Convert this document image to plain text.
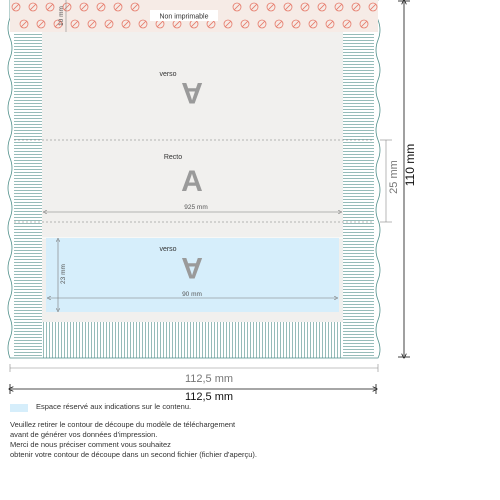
Non imprimable
10 mm
verso
A
Recto
A
verso
A
925 mm
90 mm
23 mm
25 mm 110 mm
112,5 mm
112,5 mm
Espace réservé aux indications sur le contenu.
Veuillez retirer le contour de découpe du modèle de téléchargement
avant de générer vos données d'impression.
Merci de nous préciser comment vous souhaitez
obtenir votre contour de découpe dans un second fichier (fichier d'aperçu).
